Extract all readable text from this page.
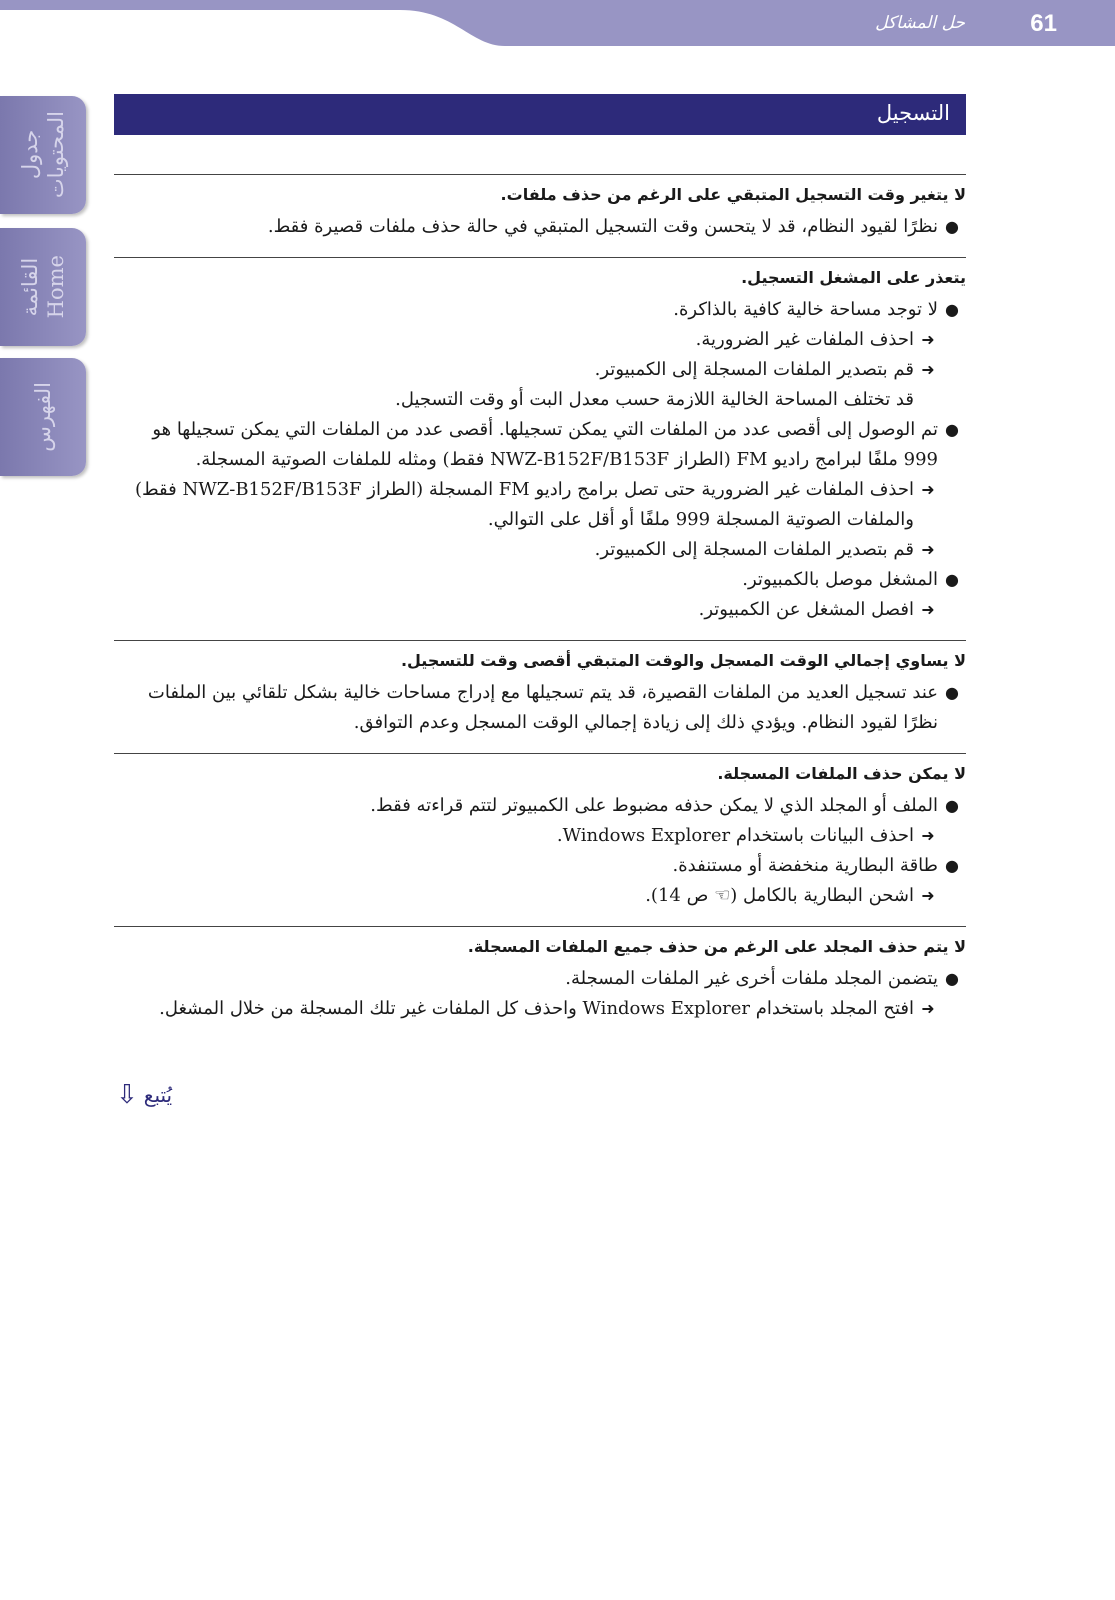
حل المشاكل	61
جدول المحتويات
القائمة Home
الفهرس
التسجيل
لا يتغير وقت التسجيل المتبقي على الرغم من حذف ملفات.
●
نظرًا لقيود النظام، قد لا يتحسن وقت التسجيل المتبقي في حالة حذف ملفات قصيرة فقط.
يتعذر على المشغل التسجيل.
●
لا توجد مساحة خالية كافية بالذاكرة.
➜
احذف الملفات غير الضرورية.
➜
قم بتصدير الملفات المسجلة إلى الكمبيوتر.
قد تختلف المساحة الخالية اللازمة حسب معدل البت أو وقت التسجيل.
●
تم الوصول إلى أقصى عدد من الملفات التي يمكن تسجيلها. أقصى عدد من الملفات التي يمكن تسجيلها هو 999 ملفًا لبرامج راديو FM (الطراز NWZ-B152F/B153F فقط) ومثله للملفات الصوتية المسجلة.
➜
احذف الملفات غير الضرورية حتى تصل برامج راديو FM المسجلة (الطراز NWZ-B152F/B153F فقط) والملفات الصوتية المسجلة 999 ملفًا أو أقل على التوالي.
➜
قم بتصدير الملفات المسجلة إلى الكمبيوتر.
●
المشغل موصل بالكمبيوتر.
➜
افصل المشغل عن الكمبيوتر.
لا يساوي إجمالي الوقت المسجل والوقت المتبقي أقصى وقت للتسجيل.
●
عند تسجيل العديد من الملفات القصيرة، قد يتم تسجيلها مع إدراج مساحات خالية بشكل تلقائي بين الملفات نظرًا لقيود النظام. ويؤدي ذلك إلى زيادة إجمالي الوقت المسجل وعدم التوافق.
لا يمكن حذف الملفات المسجلة.
●
الملف أو المجلد الذي لا يمكن حذفه مضبوط على الكمبيوتر لتتم قراءته فقط.
➜
احذف البيانات باستخدام Windows Explorer.
●
طاقة البطارية منخفضة أو مستنفدة.
➜
اشحن البطارية بالكامل (☜ ص 14).
لا يتم حذف المجلد على الرغم من حذف جميع الملفات المسجلة.
●
يتضمن المجلد ملفات أخرى غير الملفات المسجلة.
➜
افتح المجلد باستخدام Windows Explorer واحذف كل الملفات غير تلك المسجلة من خلال المشغل.
يُتبع
⇩
